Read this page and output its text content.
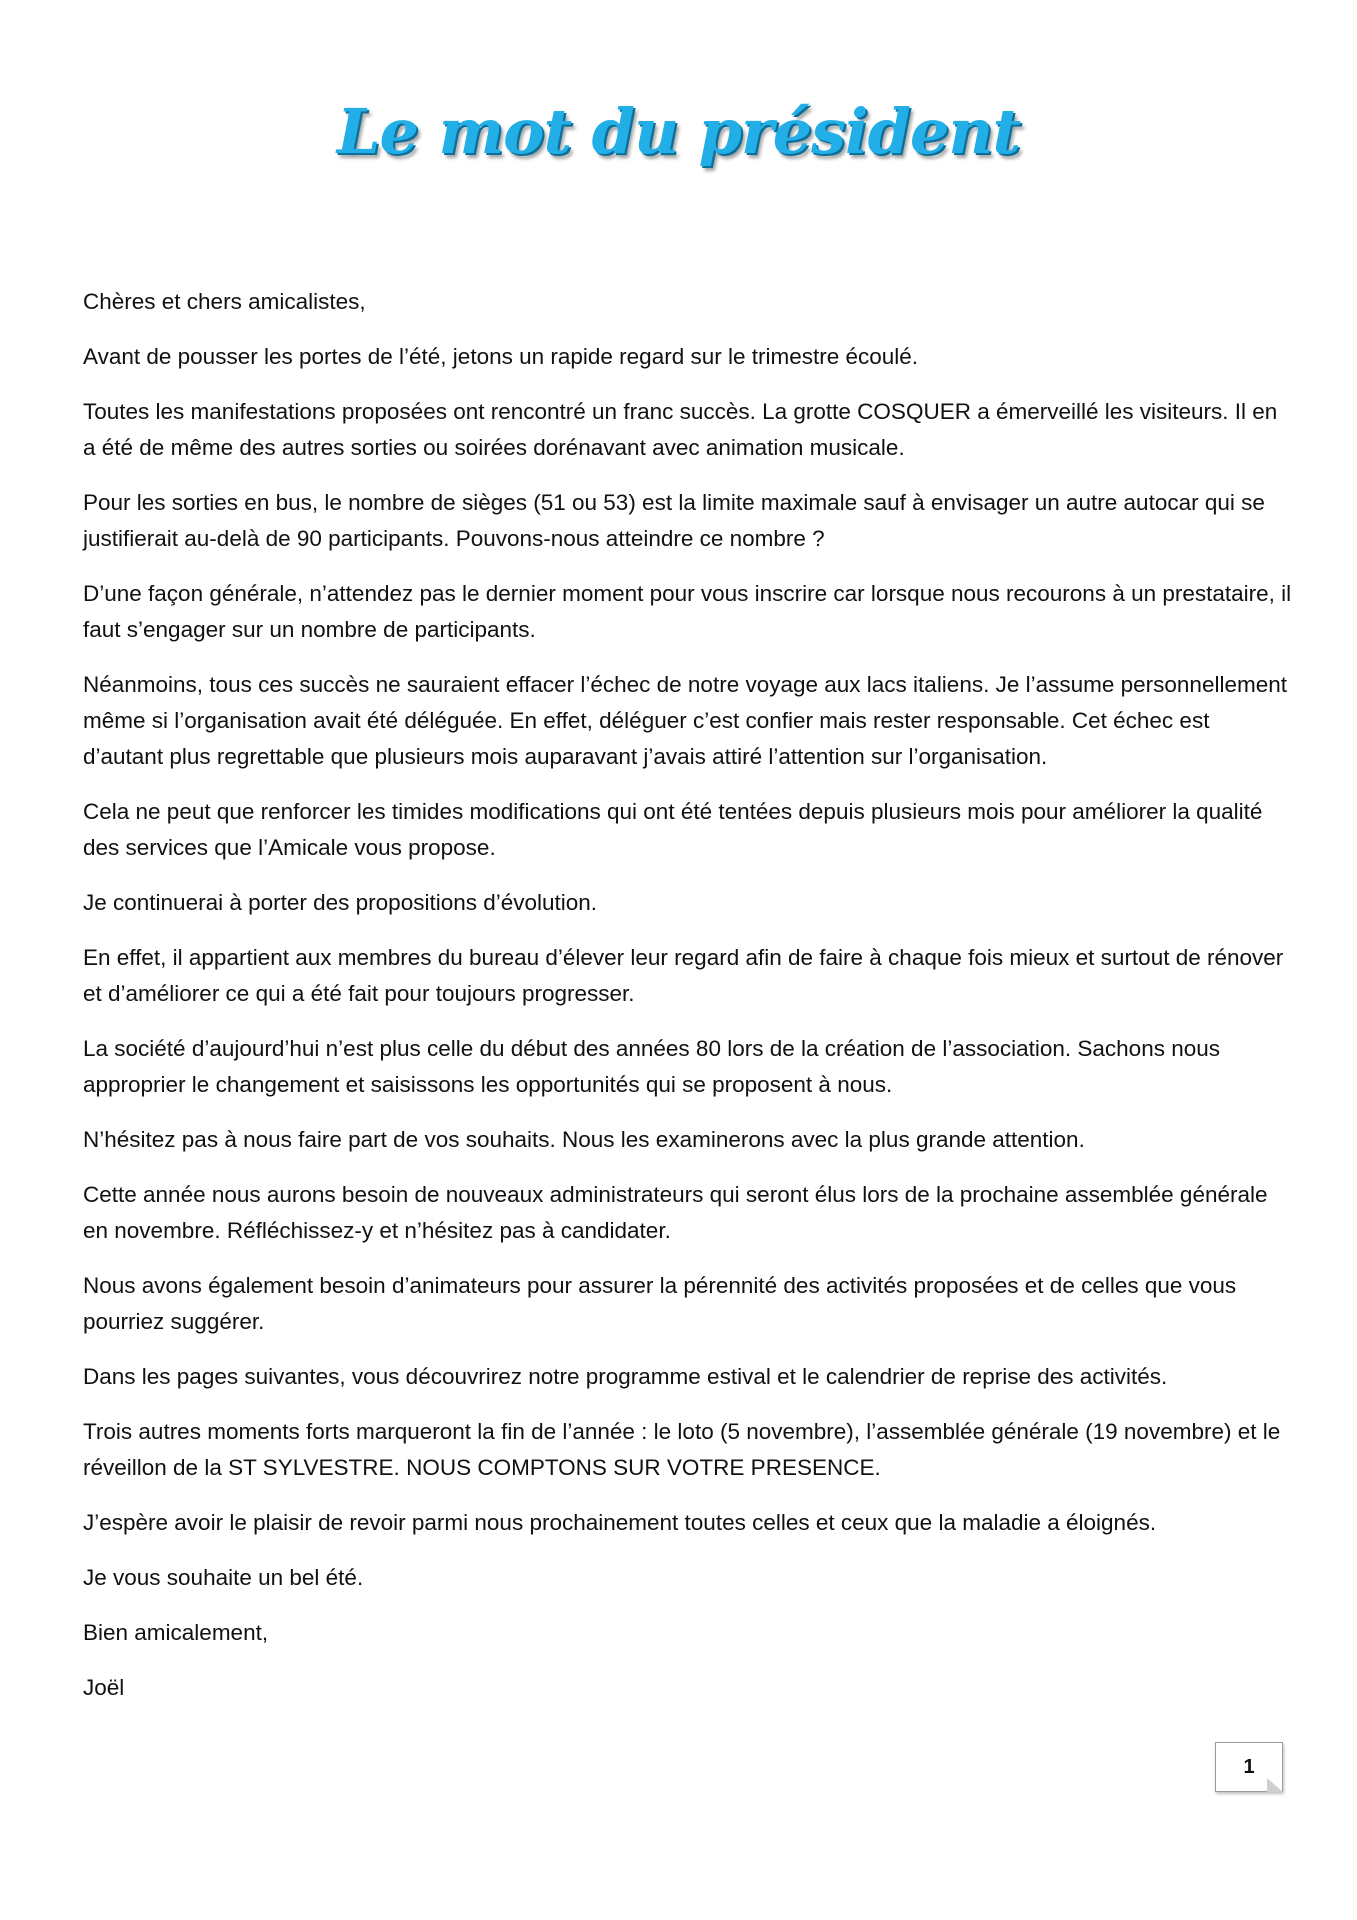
Le mot du président

Chères et chers amicalistes,

Avant de pousser les portes de l’été, jetons un rapide regard sur le trimestre écoulé.

Toutes les manifestations proposées ont rencontré un franc succès. La grotte COSQUER a émerveillé les visiteurs. Il en a été de même des autres sorties ou soirées dorénavant avec animation musicale.

Pour les sorties en bus, le nombre de sièges (51 ou 53) est la limite maximale sauf à envisager un autre autocar qui se justifierait au-delà de 90 participants. Pouvons-nous atteindre ce nombre ?

D’une façon générale, n’attendez pas le dernier moment pour vous inscrire car lorsque nous recourons à un prestataire, il faut s’engager sur un nombre de participants.

Néanmoins, tous ces succès ne sauraient effacer l’échec de notre voyage aux lacs italiens. Je l’assume personnellement même si l’organisation avait été déléguée. En effet, déléguer c’est confier mais rester responsable. Cet échec est d’autant plus regrettable que plusieurs mois auparavant j’avais attiré l’attention sur l’organisation.

Cela ne peut que renforcer les timides modifications qui ont été tentées depuis plusieurs mois pour améliorer la qualité des services que l’Amicale vous propose.

Je continuerai à porter des propositions d’évolution.

En effet, il appartient aux membres du bureau d’élever leur regard afin de faire à chaque fois mieux et surtout de rénover et d’améliorer ce qui a été fait pour toujours progresser.

La société d’aujourd’hui n’est plus celle du début des années 80 lors de la création de l’association. Sachons nous approprier le changement et saisissons les opportunités qui se proposent à nous.

N’hésitez pas à nous faire part de vos souhaits. Nous les examinerons avec la plus grande attention.

Cette année nous aurons besoin de nouveaux administrateurs qui seront élus lors de la prochaine assemblée générale en novembre. Réfléchissez-y et n’hésitez pas à candidater.

Nous avons également besoin d’animateurs pour assurer la pérennité des activités proposées et de celles que vous pourriez suggérer.

Dans les pages suivantes, vous découvrirez notre programme estival et le calendrier de reprise des activités.

Trois autres moments forts marqueront la fin de l’année : le loto (5 novembre), l’assemblée générale (19 novembre) et le réveillon de la ST SYLVESTRE. NOUS COMPTONS SUR VOTRE PRESENCE.

J’espère avoir le plaisir de revoir parmi nous prochainement toutes celles et ceux que la maladie a éloignés.

Je vous souhaite un bel été.

Bien amicalement,

Joël

1
